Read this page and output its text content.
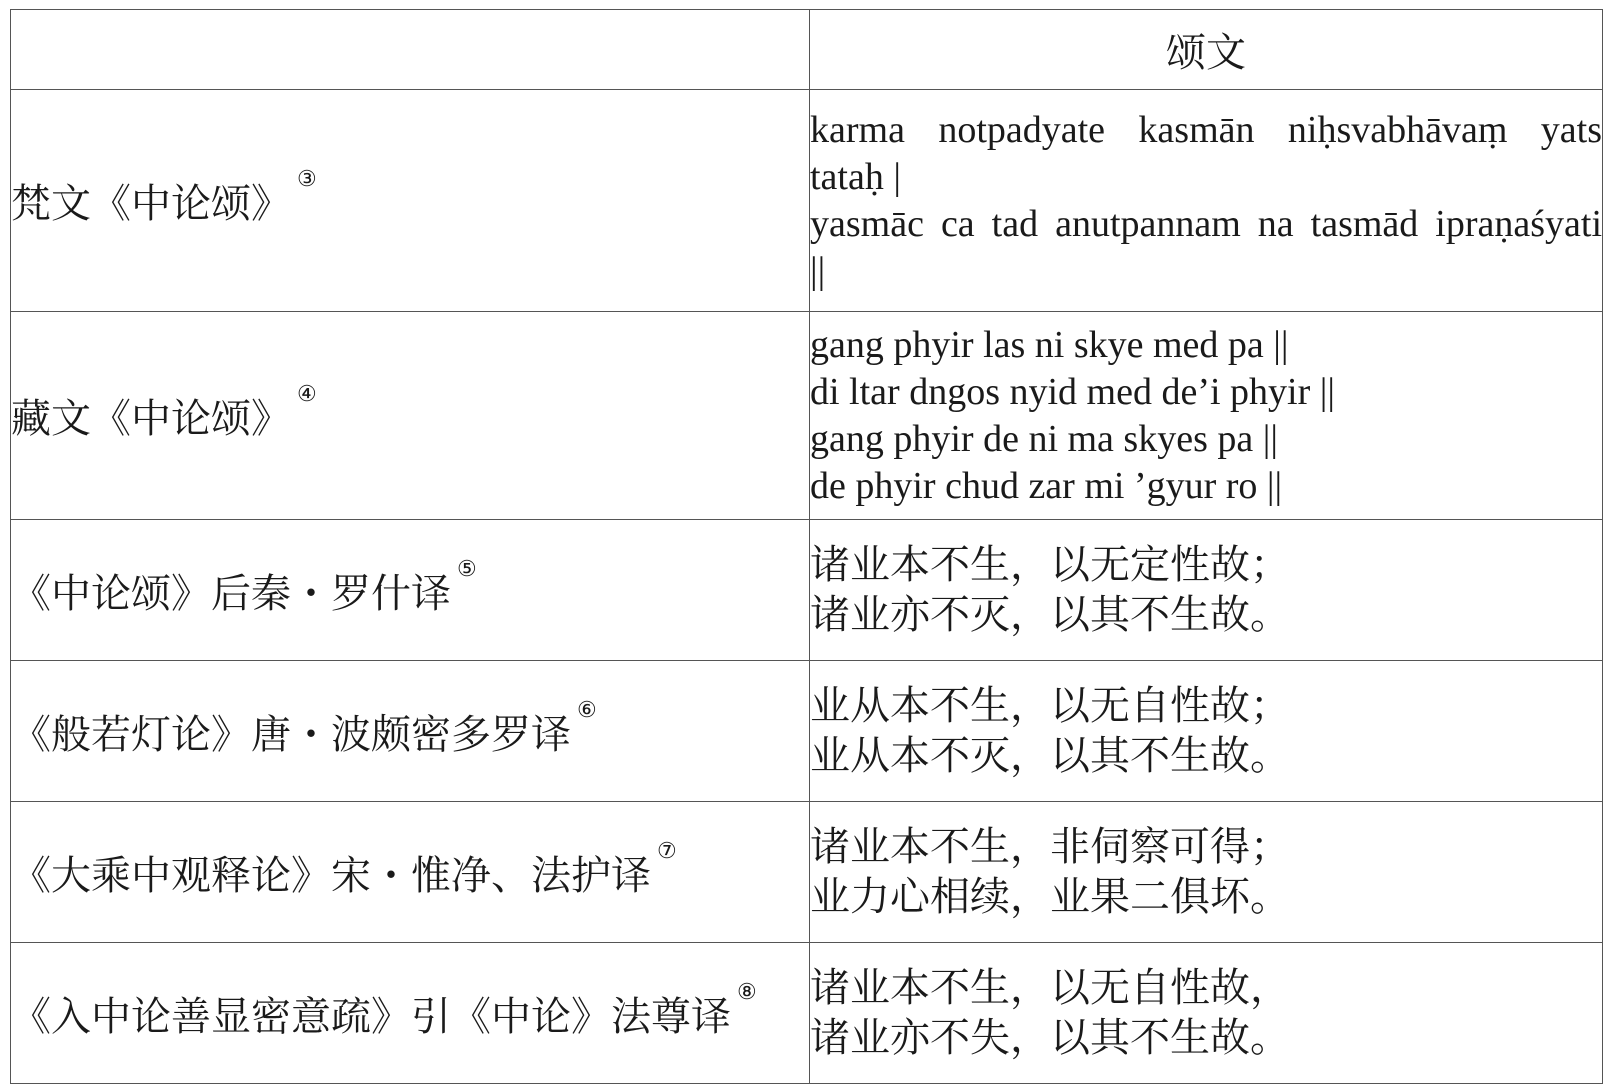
	颂文
梵文《中论颂》③	karma notpadyate kasmān niḥsvabhāvaṃ yats
tataḥ |
yasmāc ca tad anutpannam na tasmād ipraṇaśyati
||

藏文《中论颂》④	gang phyir las ni skye med pa ||
di ltar dngos nyid med de’i phyir ||
gang phyir de ni ma skyes pa ||
de phyir chud zar mi ’gyur ro ||

《中论颂》后秦・罗什译⑤	诸业本不生，以无定性故；
诸业亦不灭，以其不生故。

《般若灯论》唐・波颇密多罗译⑥	业从本不生，以无自性故；
业从本不灭，以其不生故。

《大乘中观释论》宋・惟净、法护译⑦	诸业本不生，非伺察可得；
业力心相续，业果二俱坏。

《入中论善显密意疏》引《中论》法尊译⑧	诸业本不生，以无自性故，
诸业亦不失，以其不生故。
